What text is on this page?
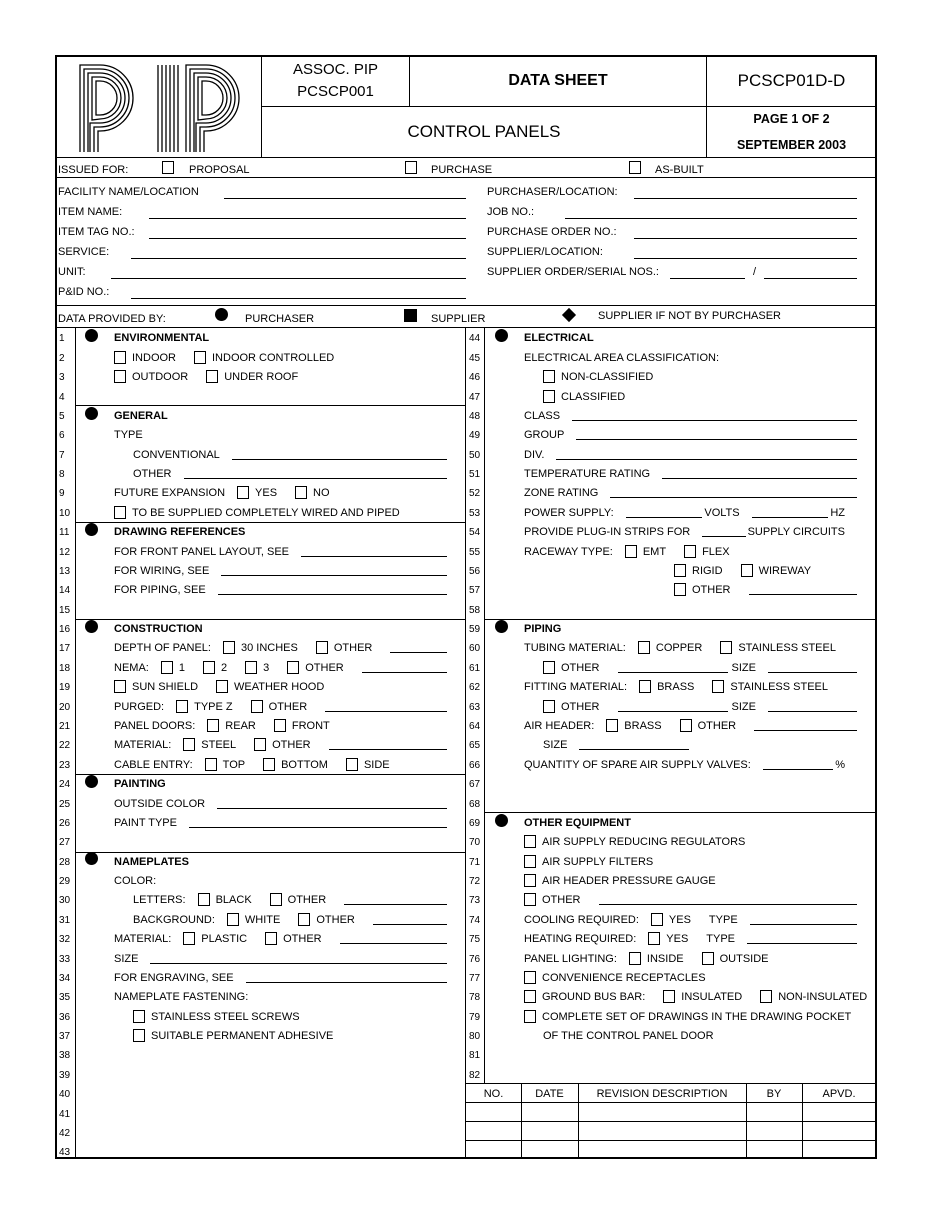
ASSOC. PIP
PCSCP001
DATA SHEET	PCSCP01D-D
CONTROL PANELS
PAGE 1 OF 2
SEPTEMBER 2003
ISSUED FOR:	PROPOSAL	PURCHASE	AS-BUILT
FACILITY NAME/LOCATION
ITEM NAME:
ITEM TAG NO.:
SERVICE:
UNIT:
P&ID NO.:
PURCHASER/LOCATION:
JOB NO.:
PURCHASE ORDER NO.:
SUPPLIER/LOCATION:
SUPPLIER ORDER/SERIAL NOS.:	/
DATA PROVIDED BY:	PURCHASER	SUPPLIER	SUPPLIER IF NOT BY PURCHASER
1	ENVIRONMENTAL
2	INDOOR	INDOOR CONTROLLED
3	OUTDOOR	UNDER ROOF
4
5	GENERAL
6	TYPE
7	CONVENTIONAL
8	OTHER
9	FUTURE EXPANSION	YES	NO
10	TO BE SUPPLIED COMPLETELY WIRED AND PIPED
11	DRAWING REFERENCES
12	FOR FRONT PANEL LAYOUT, SEE
13	FOR WIRING, SEE
14	FOR PIPING, SEE
15
16	CONSTRUCTION
17	DEPTH OF PANEL:	30 INCHES	OTHER
18	NEMA:	1	2	3	OTHER
19	SUN SHIELD	WEATHER HOOD
20	PURGED:	TYPE Z	OTHER
21	PANEL DOORS:	REAR	FRONT
22	MATERIAL:	STEEL	OTHER
23	CABLE ENTRY:	TOP	BOTTOM	SIDE
24	PAINTING
25	OUTSIDE COLOR
26	PAINT TYPE
27
28	NAMEPLATES
29	COLOR:
30	LETTERS:	BLACK	OTHER
31	BACKGROUND:	WHITE	OTHER
32	MATERIAL:	PLASTIC	OTHER
33	SIZE
34	FOR ENGRAVING, SEE
35	NAMEPLATE FASTENING:
36	STAINLESS STEEL SCREWS
37	SUITABLE PERMANENT ADHESIVE
38
39
40
41
42
43
44	ELECTRICAL
45	ELECTRICAL AREA CLASSIFICATION:
46	NON-CLASSIFIED
47	CLASSIFIED
48	CLASS
49	GROUP
50	DIV.
51	TEMPERATURE RATING
52	ZONE RATING
53	POWER SUPPLY:	VOLTS	HZ
54	PROVIDE PLUG-IN STRIPS FOR	SUPPLY CIRCUITS
55	RACEWAY TYPE:	EMT	FLEX
56	RIGID	WIREWAY
57	OTHER
58
59	PIPING
60	TUBING MATERIAL:	COPPER	STAINLESS STEEL
61	OTHER	SIZE
62	FITTING MATERIAL:	BRASS	STAINLESS STEEL
63	OTHER	SIZE
64	AIR HEADER:	BRASS	OTHER
65	SIZE
66	QUANTITY OF SPARE AIR SUPPLY VALVES:	%
67
68
69	OTHER EQUIPMENT
70	AIR SUPPLY REDUCING REGULATORS
71	AIR SUPPLY FILTERS
72	AIR HEADER PRESSURE GAUGE
73	OTHER
74	COOLING REQUIRED:	YES TYPE
75	HEATING REQUIRED:	YES TYPE
76	PANEL LIGHTING:	INSIDE	OUTSIDE
77	CONVENIENCE RECEPTACLES
78	GROUND BUS BAR:	INSULATED	NON-INSULATED
79	COMPLETE SET OF DRAWINGS IN THE DRAWING POCKET
80	OF THE CONTROL PANEL DOOR
81
82
NO.	DATE	REVISION DESCRIPTION	BY	APVD.
